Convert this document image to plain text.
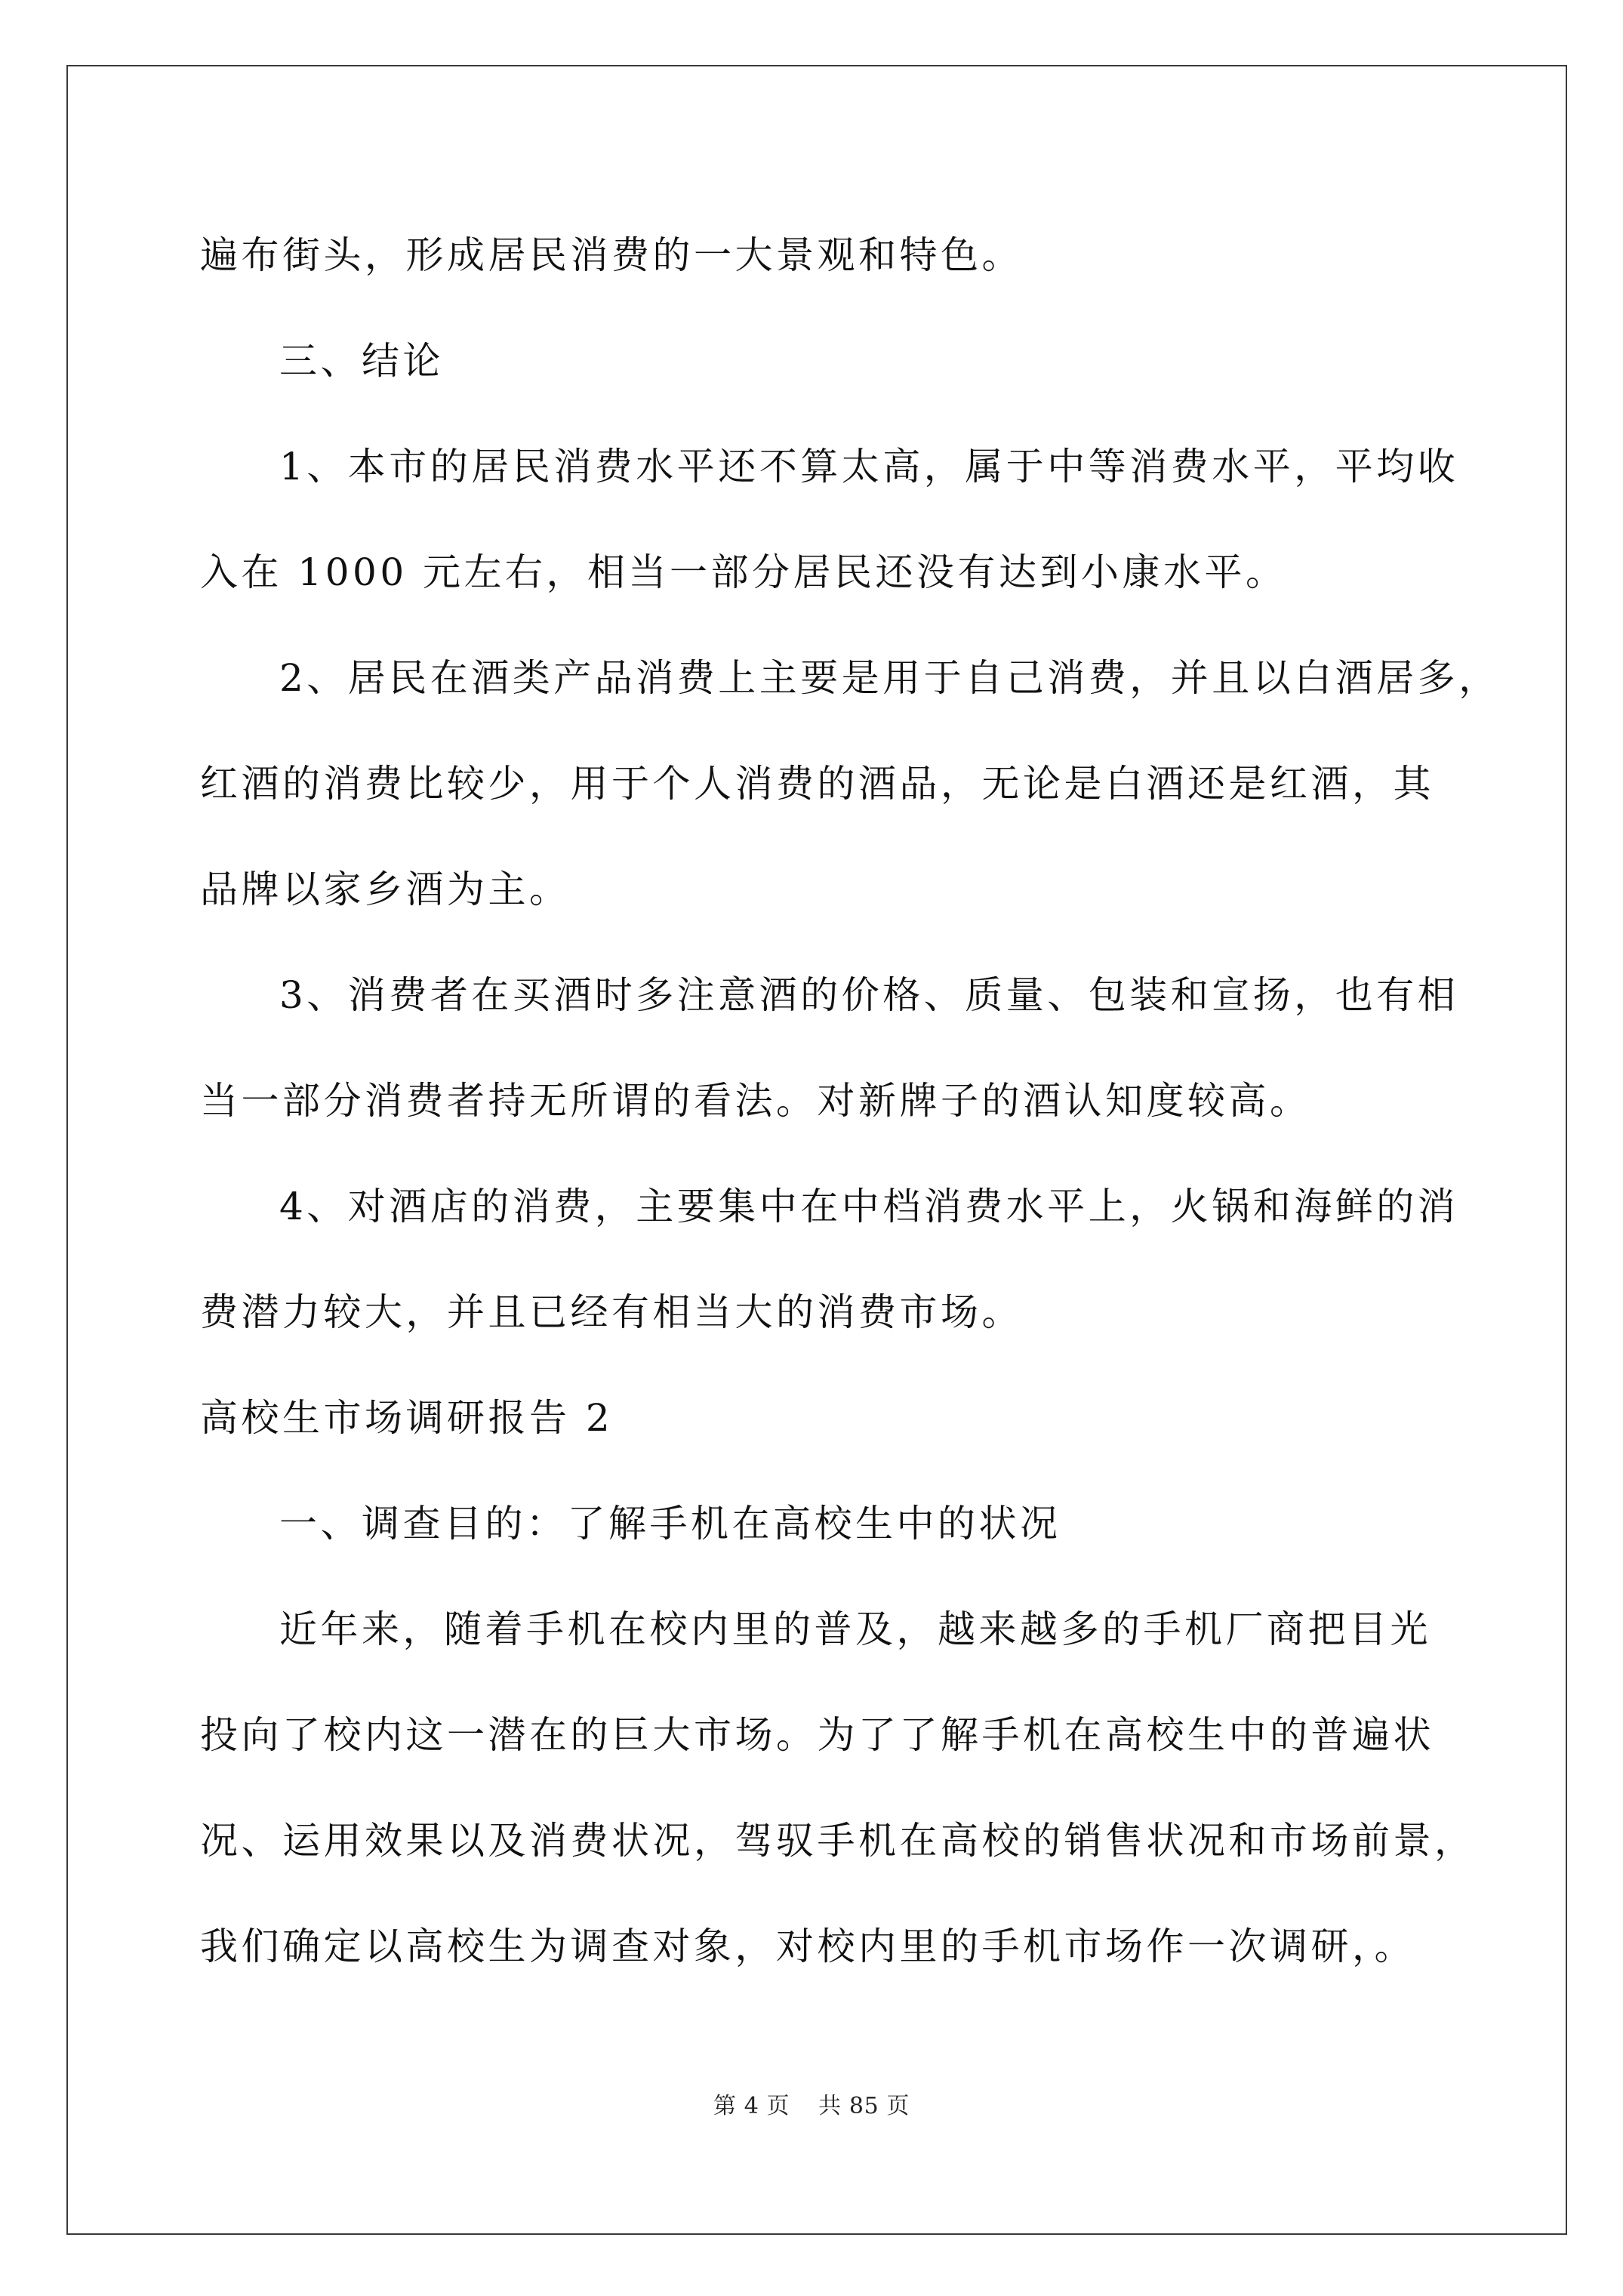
遍布街头，形成居民消费的一大景观和特色。
三、结论
1、本市的居民消费水平还不算太高，属于中等消费水平，平均收
入在 1000 元左右，相当一部分居民还没有达到小康水平。
2、居民在酒类产品消费上主要是用于自己消费，并且以白酒居多，
红酒的消费比较少，用于个人消费的酒品，无论是白酒还是红酒，其
品牌以家乡酒为主。
3、消费者在买酒时多注意酒的价格、质量、包装和宣扬，也有相
当一部分消费者持无所谓的看法。对新牌子的酒认知度较高。
4、对酒店的消费，主要集中在中档消费水平上，火锅和海鲜的消
费潜力较大，并且已经有相当大的消费市场。
高校生市场调研报告 2
一、调查目的：了解手机在高校生中的状况
近年来，随着手机在校内里的普及，越来越多的手机厂商把目光
投向了校内这一潜在的巨大市场。为了了解手机在高校生中的普遍状
况、运用效果以及消费状况，驾驭手机在高校的销售状况和市场前景，
我们确定以高校生为调查对象，对校内里的手机市场作一次调研，。
第 4 页 共 85 页
